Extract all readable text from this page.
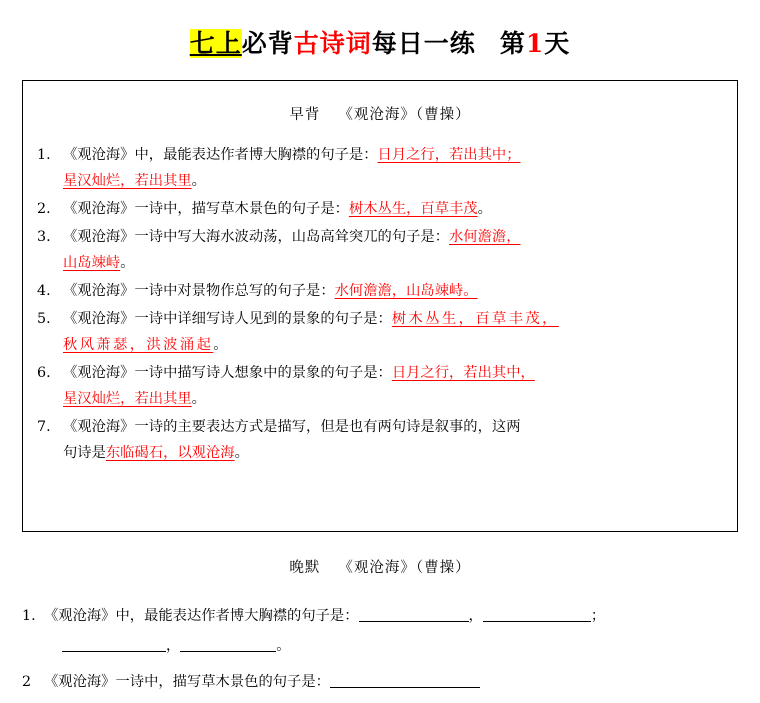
七上必背古诗词每日一练 第1天
早背 《观沧海》（曹操）
1. 《观沧海》中，最能表达作者博大胸襟的句子是：日月之行，若出其中；
星汉灿烂，若出其里。
2. 《观沧海》一诗中，描写草木景色的句子是：树木丛生，百草丰茂。
3. 《观沧海》一诗中写大海水波动荡，山岛高耸突兀的句子是：水何澹澹，
山岛竦峙。
4. 《观沧海》一诗中对景物作总写的句子是：水何澹澹，山岛竦峙。
5. 《观沧海》一诗中详细写诗人见到的景象的句子是：树木丛生，百草丰茂，
秋风萧瑟，洪波涌起。
6. 《观沧海》一诗中描写诗人想象中的景象的句子是：日月之行，若出其中，
星汉灿烂，若出其里。
7. 《观沧海》一诗的主要表达方式是描写，但是也有两句诗是叙事的，这两
句诗是东临碣石，以观沧海。
晚默 《观沧海》（曹操）
1. 《观沧海》中，最能表达作者博大胸襟的句子是：	，	；
，	。
2 《观沧海》一诗中，描写草木景色的句子是：
